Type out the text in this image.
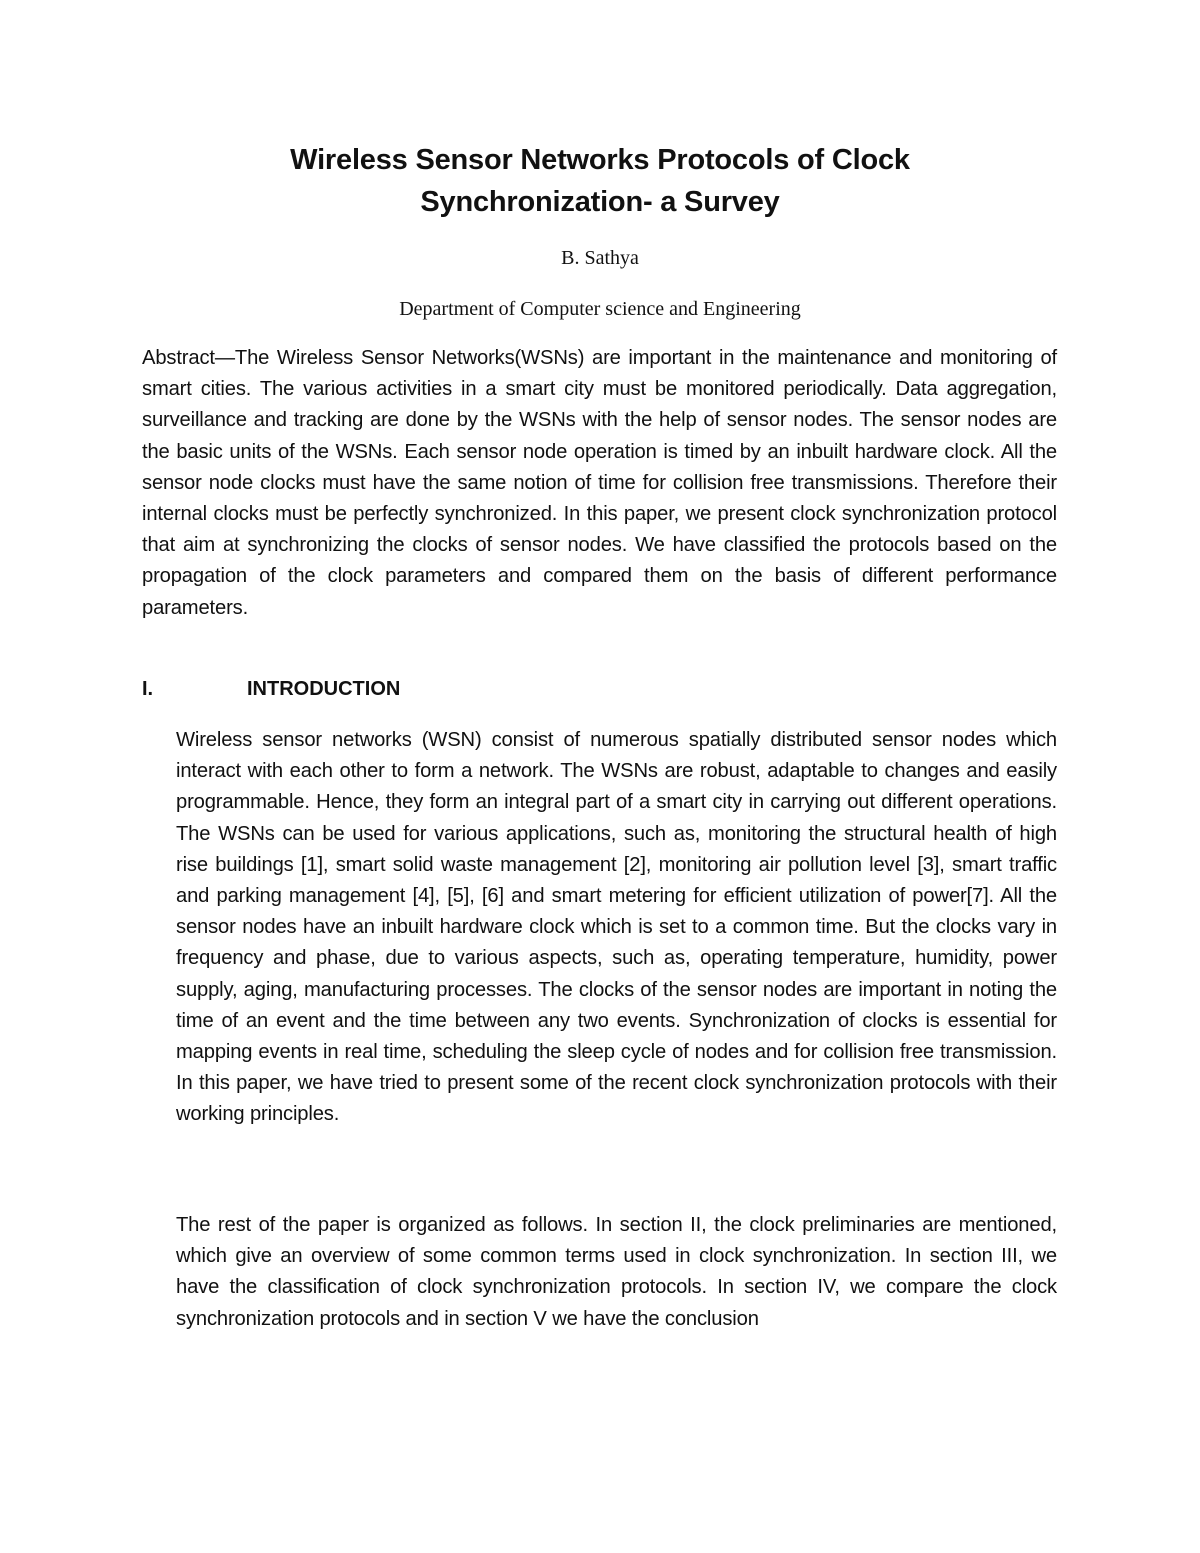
Wireless Sensor Networks Protocols of Clock
Synchronization- a Survey
B. Sathya
Department of Computer science and Engineering

Abstract—The Wireless Sensor Networks(WSNs) are important in the maintenance and monitoring of smart cities. The various activities in a smart city must be monitored periodically. Data aggregation, surveillance and tracking are done by the WSNs with the help of sensor nodes. The sensor nodes are the basic units of the WSNs. Each sensor node operation is timed by an inbuilt hardware clock. All the sensor node clocks must have the same notion of time for collision free transmissions. Therefore their internal clocks must be perfectly synchronized. In this paper, we present clock synchronization protocol that aim at synchronizing the clocks of sensor nodes. We have classified the protocols based on the propagation of the clock parameters and compared them on the basis of different performance parameters.

I.	INTRODUCTION

Wireless sensor networks (WSN) consist of numerous spatially distributed sensor nodes which interact with each other to form a network. The WSNs are robust, adaptable to changes and easily programmable. Hence, they form an integral part of a smart city in carrying out different operations. The WSNs can be used for various applications, such as, monitoring the structural health of high rise buildings [1], smart solid waste management [2], monitoring air pollution level [3], smart traffic and parking management [4], [5], [6] and smart metering for efficient utilization of power[7]. All the sensor nodes have an inbuilt hardware clock which is set to a common time. But the clocks vary in frequency and phase, due to various aspects, such as, operating temperature, humidity, power supply, aging, manufacturing processes. The clocks of the sensor nodes are important in noting the time of an event and the time between any two events. Synchronization of clocks is essential for mapping events in real time, scheduling the sleep cycle of nodes and for collision free transmission. In this paper, we have tried to present some of the recent clock synchronization protocols with their working principles.

The rest of the paper is organized as follows. In section II, the clock preliminaries are mentioned, which give an overview of some common terms used in clock synchronization. In section III, we have the classification of clock synchronization protocols. In section IV, we compare the clock synchronization protocols and in section V we have the conclusion
